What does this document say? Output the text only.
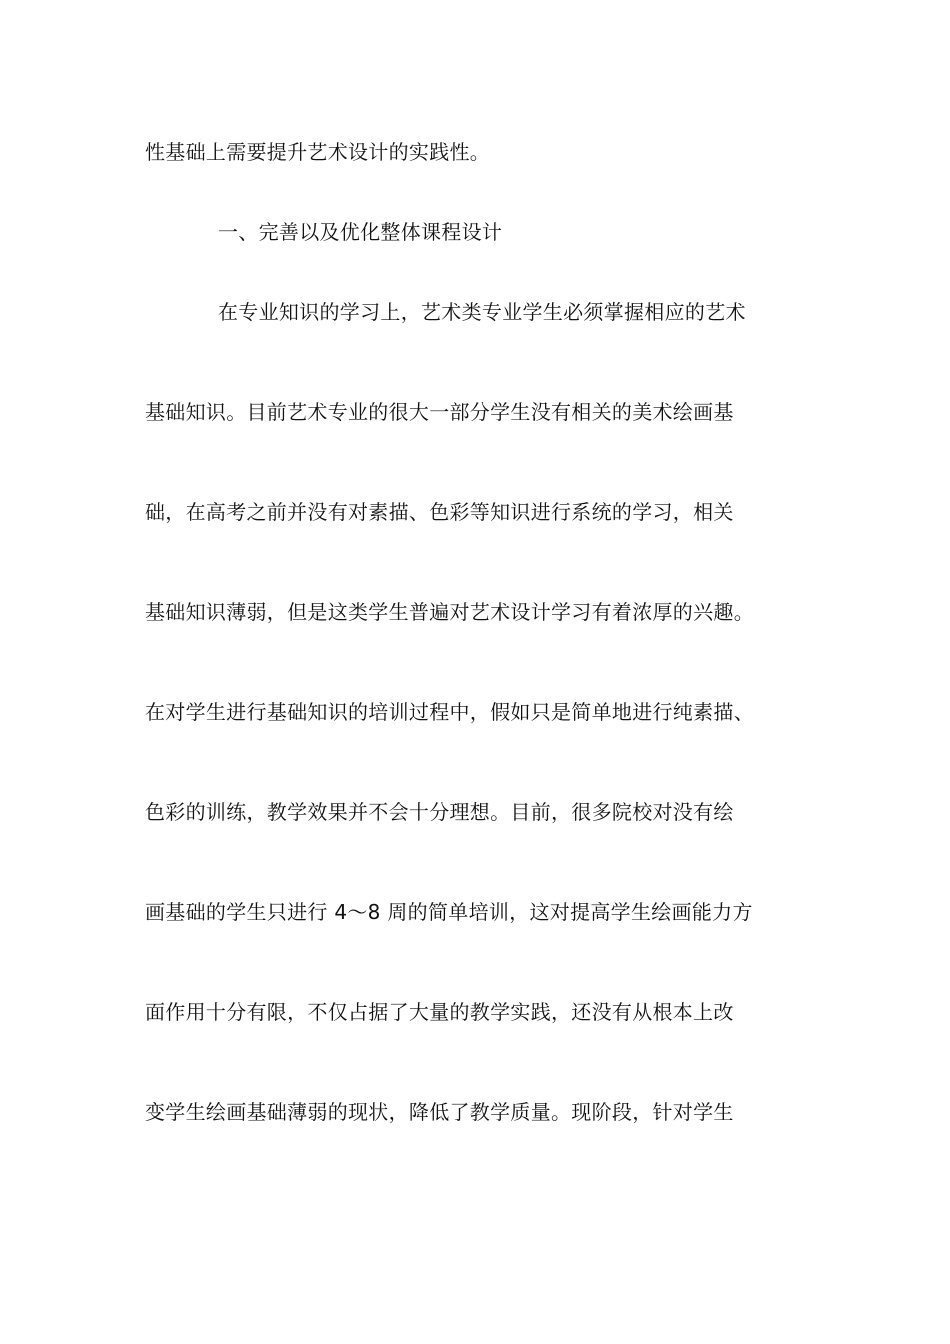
性基础上需要提升艺术设计的实践性。
一、完善以及优化整体课程设计
在专业知识的学习上，艺术类专业学生必须掌握相应的艺术
基础知识。目前艺术专业的很大一部分学生没有相关的美术绘画基
础，在高考之前并没有对素描、色彩等知识进行系统的学习，相关
基础知识薄弱，但是这类学生普遍对艺术设计学习有着浓厚的兴趣。
在对学生进行基础知识的培训过程中，假如只是简单地进行纯素描、
色彩的训练，教学效果并不会十分理想。目前，很多院校对没有绘
画基础的学生只进行 4～8 周的简单培训，这对提高学生绘画能力方
面作用十分有限，不仅占据了大量的教学实践，还没有从根本上改
变学生绘画基础薄弱的现状，降低了教学质量。现阶段，针对学生
